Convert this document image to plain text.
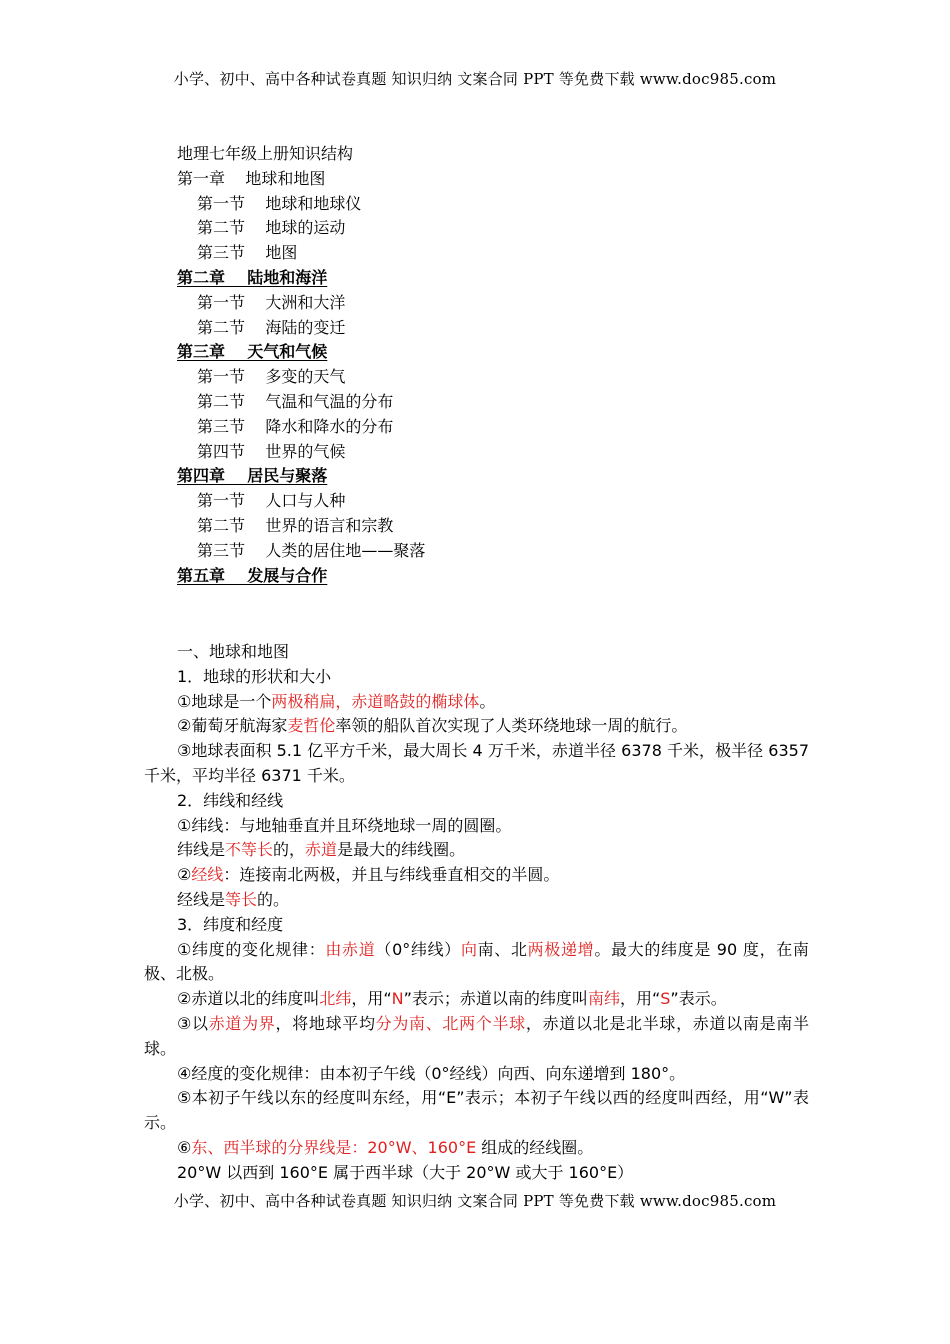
小学、初中、高中各种试卷真题 知识归纳 文案合同 PPT 等免费下载 www.doc985.com
地理七年级上册知识结构
第一章    地球和地图
第一节    地球和地球仪
第二节    地球的运动
第三节    地图
第二章    陆地和海洋
第一节    大洲和大洋
第二节    海陆的变迁
第三章    天气和气候
第一节    多变的天气
第二节    气温和气温的分布
第三节    降水和降水的分布
第四节    世界的气候
第四章    居民与聚落
第一节    人口与人种
第二节    世界的语言和宗教
第三节    人类的居住地——聚落
第五章    发展与合作

一、地球和地图

1．地球的形状和大小

①地球是一个两极稍扁，赤道略鼓的椭球体。

②葡萄牙航海家麦哲伦率领的船队首次实现了人类环绕地球一周的航行。

③地球表面积 5.1 亿平方千米，最大周长 4 万千米，赤道半径 6378 千米，极半径 6357 千米，平均半径 6371 千米。

2．纬线和经线

①纬线：与地轴垂直并且环绕地球一周的圆圈。

纬线是不等长的，赤道是最大的纬线圈。

②经线：连接南北两极，并且与纬线垂直相交的半圆。

经线是等长的。

3．纬度和经度

①纬度的变化规律：由赤道（0°纬线）向南、北两极递增。最大的纬度是 90 度，在南极、北极。

②赤道以北的纬度叫北纬，用“N”表示；赤道以南的纬度叫南纬，用“S”表示。

③以赤道为界，将地球平均分为南、北两个半球，赤道以北是北半球，赤道以南是南半球。

④经度的变化规律：由本初子午线（0°经线）向西、向东递增到 180°。

⑤本初子午线以东的经度叫东经，用“E”表示；本初子午线以西的经度叫西经，用“W”表示。

⑥东、西半球的分界线是：20°W、160°E 组成的经线圈。

20°W 以西到 160°E 属于西半球（大于 20°W 或大于 160°E）

小学、初中、高中各种试卷真题 知识归纳 文案合同 PPT 等免费下载 www.doc985.com
